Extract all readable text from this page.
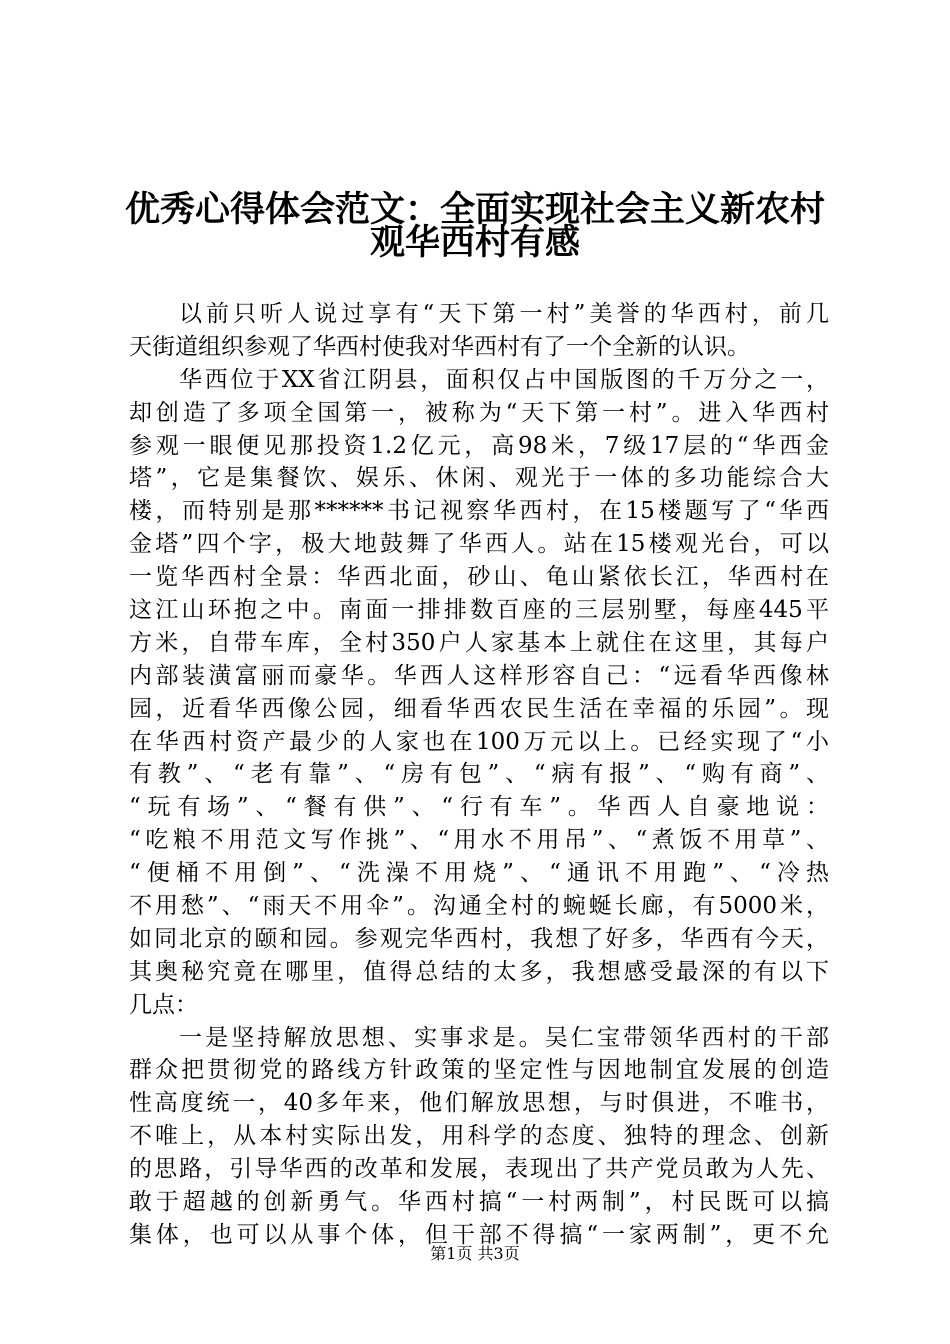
优秀心得体会范文：全面实现社会主义新农村
观华西村有感
以前只听人说过享有“天下第一村”美誉的华西村，前几
天街道组织参观了华西村使我对华西村有了一个全新的认识。
华西位于XX省江阴县，面积仅占中国版图的千万分之一，
却创造了多项全国第一，被称为“天下第一村”。进入华西村
参观一眼便见那投资1.2亿元，高98米，7级17层的“华西金
塔”，它是集餐饮、娱乐、休闲、观光于一体的多功能综合大
楼，而特别是那******书记视察华西村，在15楼题写了“华西
金塔”四个字，极大地鼓舞了华西人。站在15楼观光台，可以
一览华西村全景：华西北面，砂山、龟山紧依长江，华西村在
这江山环抱之中。南面一排排数百座的三层别墅，每座445平
方米，自带车库，全村350户人家基本上就住在这里，其每户
内部装潢富丽而豪华。华西人这样形容自己：“远看华西像林
园，近看华西像公园，细看华西农民生活在幸福的乐园”。现
在华西村资产最少的人家也在100万元以上。已经实现了“小
有教”、“老有靠”、“房有包”、“病有报”、“购有商”、
“玩有场”、“餐有供”、“行有车”。华西人自豪地说：
“吃粮不用范文写作挑”、“用水不用吊”、“煮饭不用草”、
“便桶不用倒”、“洗澡不用烧”、“通讯不用跑”、“冷热
不用愁”、“雨天不用伞”。沟通全村的蜿蜒长廊，有5000米，
如同北京的颐和园。参观完华西村，我想了好多，华西有今天，
其奥秘究竟在哪里，值得总结的太多，我想感受最深的有以下
几点：
一是坚持解放思想、实事求是。吴仁宝带领华西村的干部
群众把贯彻党的路线方针政策的坚定性与因地制宜发展的创造
性高度统一，40多年来，他们解放思想，与时俱进，不唯书，
不唯上，从本村实际出发，用科学的态度、独特的理念、创新
的思路，引导华西的改革和发展，表现出了共产党员敢为人先、
敢于超越的创新勇气。华西村搞“一村两制”，村民既可以搞
集体，也可以从事个体，但干部不得搞“一家两制”，更不允
第1页 共3页
